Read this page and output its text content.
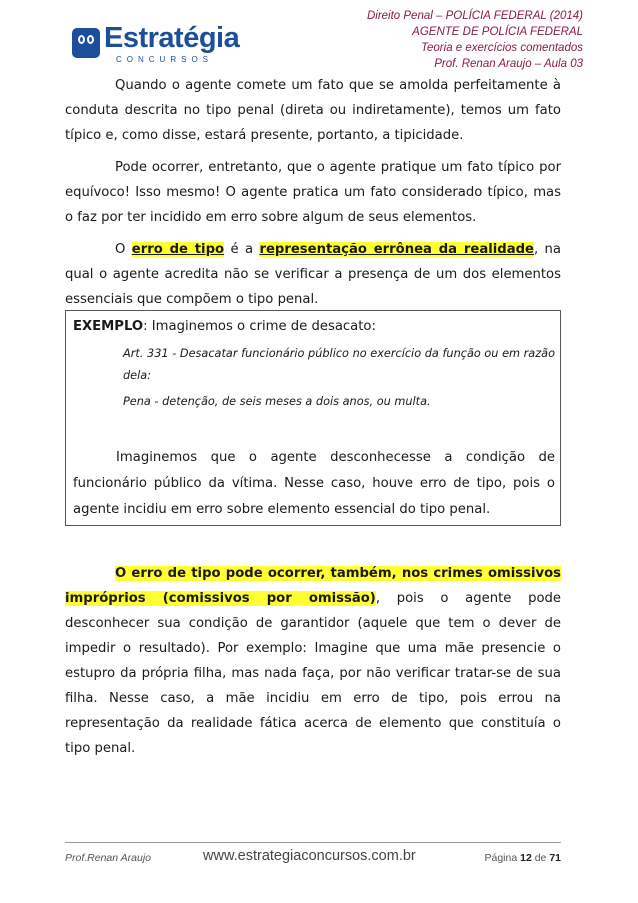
Estratégia
CONCURSOS
Direito Penal – POLÍCIA FEDERAL (2014)
AGENTE DE POLÍCIA FEDERAL
Teoria e exercícios comentados
Prof. Renan Araujo – Aula 03

Quando o agente comete um fato que se amolda perfeitamente à conduta descrita no tipo penal (direta ou indiretamente), temos um fato típico e, como disse, estará presente, portanto, a tipicidade.

Pode ocorrer, entretanto, que o agente pratique um fato típico por equívoco! Isso mesmo! O agente pratica um fato considerado típico, mas o faz por ter incidido em erro sobre algum de seus elementos.

O erro de tipo é a representação errônea da realidade, na qual o agente acredita não se verificar a presença de um dos elementos essenciais que compõem o tipo penal.

EXEMPLO: Imaginemos o crime de desacato:
Art. 331 - Desacatar funcionário público no exercício da função ou em razão dela:
Pena - detenção, de seis meses a dois anos, ou multa.
Imaginemos que o agente desconhecesse a condição de funcionário público da vítima. Nesse caso, houve erro de tipo, pois o agente incidiu em erro sobre elemento essencial do tipo penal.

O erro de tipo pode ocorrer, também, nos crimes omissivos impróprios (comissivos por omissão), pois o agente pode desconhecer sua condição de garantidor (aquele que tem o dever de impedir o resultado). Por exemplo: Imagine que uma mãe presencie o estupro da própria filha, mas nada faça, por não verificar tratar-se de sua filha. Nesse caso, a mãe incidiu em erro de tipo, pois errou na representação da realidade fática acerca de elemento que constituía o tipo penal.

Prof.Renan Araujo	www.estrategiaconcursos.com.br	Página 12 de 71
